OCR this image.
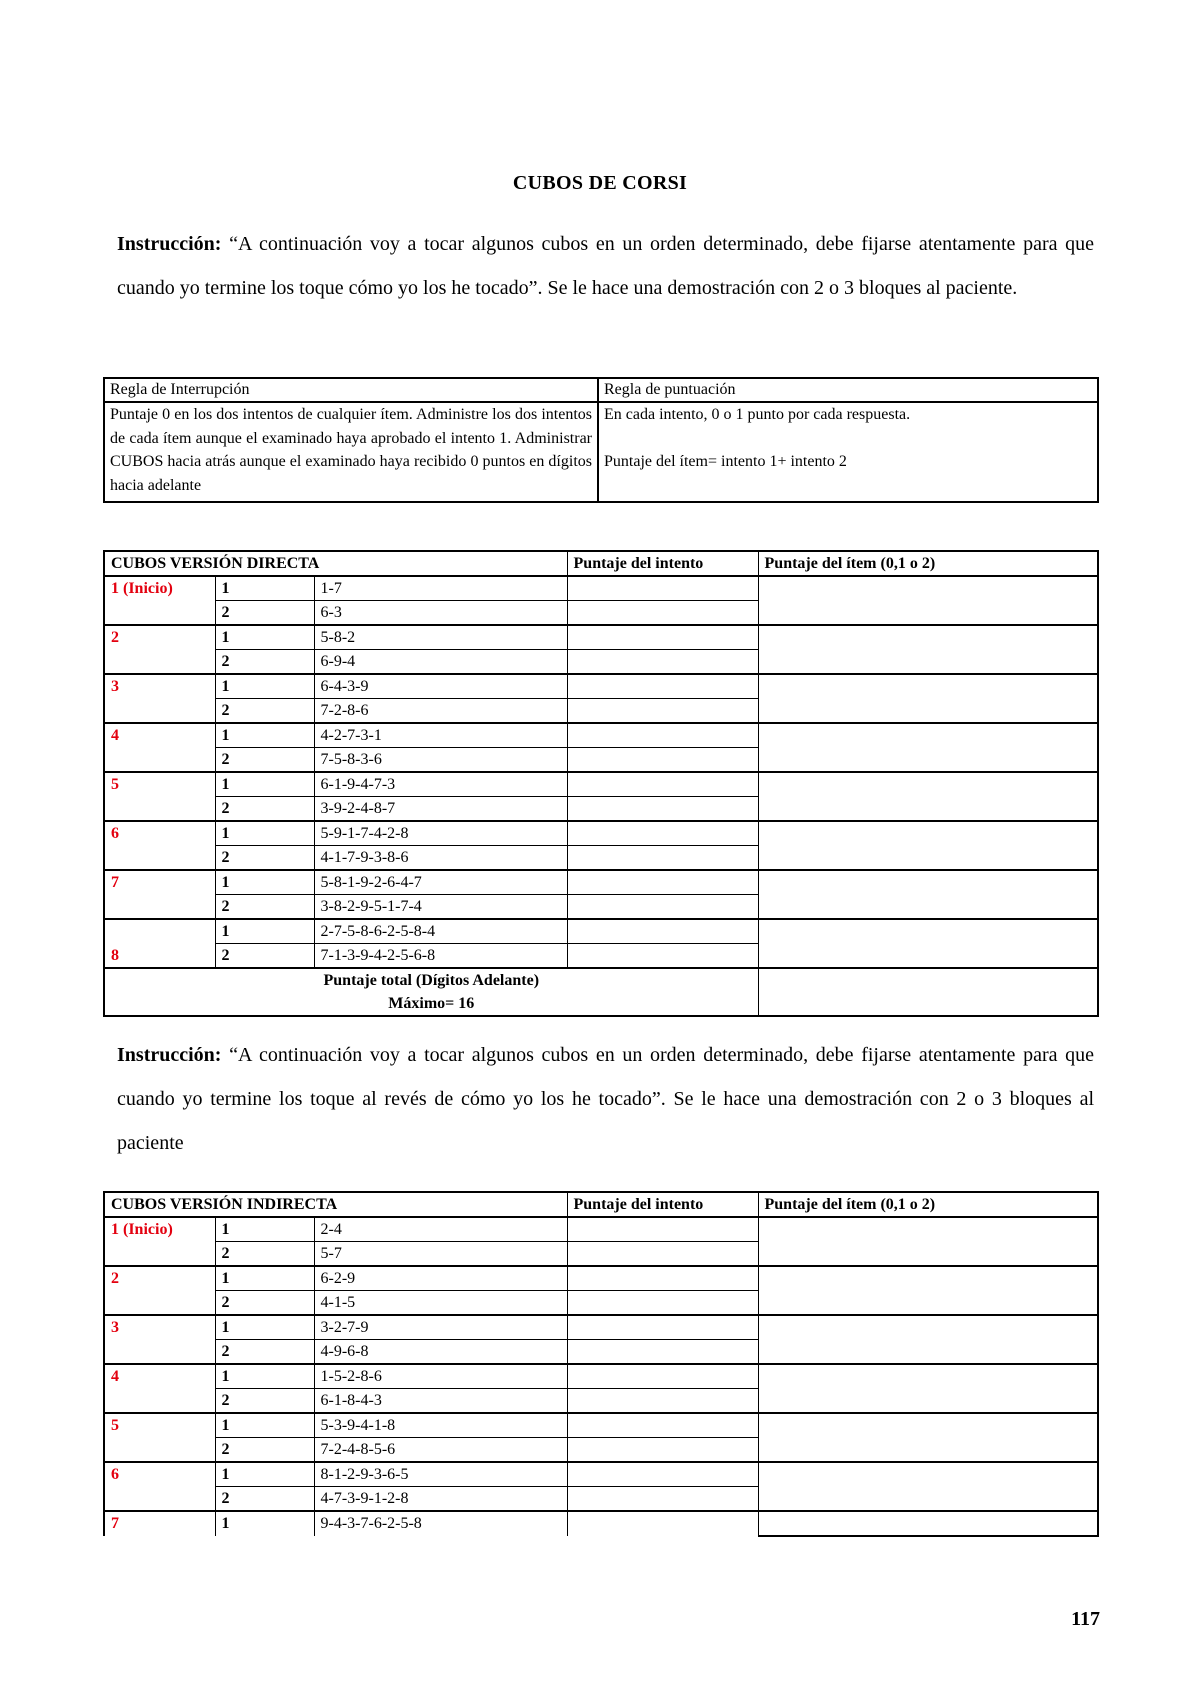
CUBOS DE CORSI
Instrucción: “A continuación voy a tocar algunos cubos en un orden determinado, debe fijarse atentamente para que cuando yo termine los toque cómo yo los he tocado”. Se le hace una demostración con 2 o 3 bloques al paciente.
Regla de Interrupción	Regla de puntuación
Puntaje 0 en los dos intentos de cualquier ítem. Administre los dos intentos de cada ítem aunque el examinado haya aprobado el intento 1. Administrar CUBOS hacia atrás aunque el examinado haya recibido 0 puntos en dígitos hacia adelante	En cada intento, 0 o 1 punto por cada respuesta.
Puntaje del ítem= intento 1+ intento 2
CUBOS VERSIÓN DIRECTA			Puntaje del intento	Puntaje del ítem (0,1 o 2)
1 (Inicio)	1	1-7		
	2	6-3		
2	1	5-8-2		
	2	6-9-4		
3	1	6-4-3-9		
	2	7-2-8-6		
4	1	4-2-7-3-1		
	2	7-5-8-3-6		
5	1	6-1-9-4-7-3		
	2	3-9-2-4-8-7		
6	1	5-9-1-7-4-2-8		
	2	4-1-7-9-3-8-6		
7	1	5-8-1-9-2-6-4-7		
	2	3-8-2-9-5-1-7-4		
	1	2-7-5-8-6-2-5-8-4		
8	2	7-1-3-9-4-2-5-6-8		

Puntaje total (Dígitos Adelante)
Máximo= 16				

Instrucción: “A continuación voy a tocar algunos cubos en un orden determinado, debe fijarse atentamente para que cuando yo termine los toque al revés de cómo yo los he tocado”. Se le hace una demostración con 2 o 3 bloques al paciente
CUBOS VERSIÓN INDIRECTA			Puntaje del intento	Puntaje del ítem (0,1 o 2)
1 (Inicio)	1	2-4		
	2	5-7		
2	1	6-2-9		
	2	4-1-5		
3	1	3-2-7-9		
	2	4-9-6-8		
4	1	1-5-2-8-6		
	2	6-1-8-4-3		
5	1	5-3-9-4-1-8		
	2	7-2-4-8-5-6		
6	1	8-1-2-9-3-6-5		
	2	4-7-3-9-1-2-8		
7	1	9-4-3-7-6-2-5-8		
117
